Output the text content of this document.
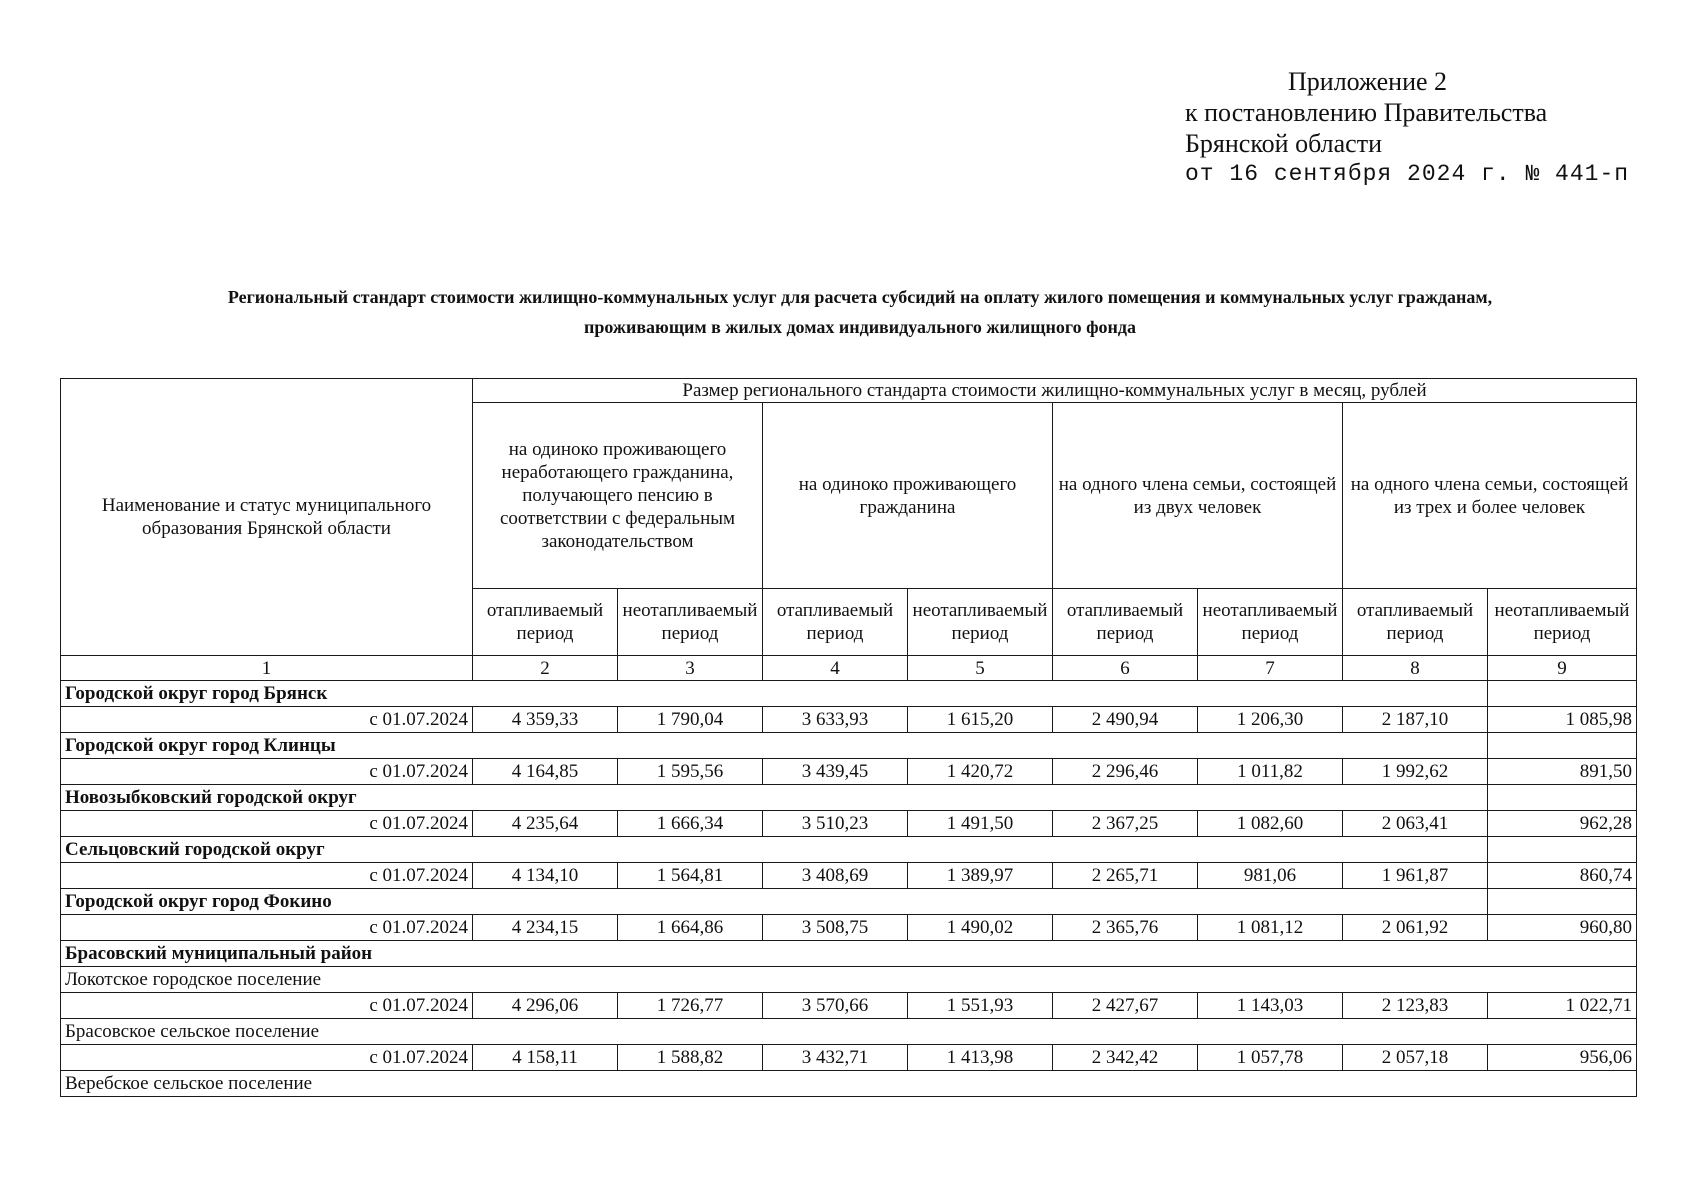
Приложение 2
к постановлению Правительства
Брянской области
от 16 сентября 2024 г. № 441-п
Региональный стандарт стоимости жилищно-коммунальных услуг для расчета субсидий на оплату жилого помещения и коммунальных услуг гражданам,
проживающим в жилых домах индивидуального жилищного фонда
Наименование и статус муниципального образования Брянской области	Размер регионального стандарта стоимости жилищно-коммунальных услуг в месяц, рублей							
	на одиноко проживающего неработающего гражданина, получающего пенсию в соответствии с федеральным законодательством		на одиноко проживающего гражданина		на одного члена семьи, состоящей из двух человек		на одного члена семьи, состоящей из трех и более человек	
	отапливаемый период	неотапливаемый период	отапливаемый период	неотапливаемый период	отапливаемый период	неотапливаемый период	отапливаемый период	неотапливаемый период
1	2	3	4	5	6	7	8	9
Городской округ город Брянск								
с 01.07.2024	4 359,33	1 790,04	3 633,93	1 615,20	2 490,94	1 206,30	2 187,10	1 085,98
Городской округ город Клинцы								
с 01.07.2024	4 164,85	1 595,56	3 439,45	1 420,72	2 296,46	1 011,82	1 992,62	891,50
Новозыбковский городской округ								
с 01.07.2024	4 235,64	1 666,34	3 510,23	1 491,50	2 367,25	1 082,60	2 063,41	962,28
Сельцовский городской округ								
с 01.07.2024	4 134,10	1 564,81	3 408,69	1 389,97	2 265,71	981,06	1 961,87	860,74
Городской округ город Фокино								
с 01.07.2024	4 234,15	1 664,86	3 508,75	1 490,02	2 365,76	1 081,12	2 061,92	960,80
Брасовский муниципальный район								
Локотское городское поселение								
с 01.07.2024	4 296,06	1 726,77	3 570,66	1 551,93	2 427,67	1 143,03	2 123,83	1 022,71
Брасовское сельское поселение								
с 01.07.2024	4 158,11	1 588,82	3 432,71	1 413,98	2 342,42	1 057,78	2 057,18	956,06
Веребское сельское поселение								
